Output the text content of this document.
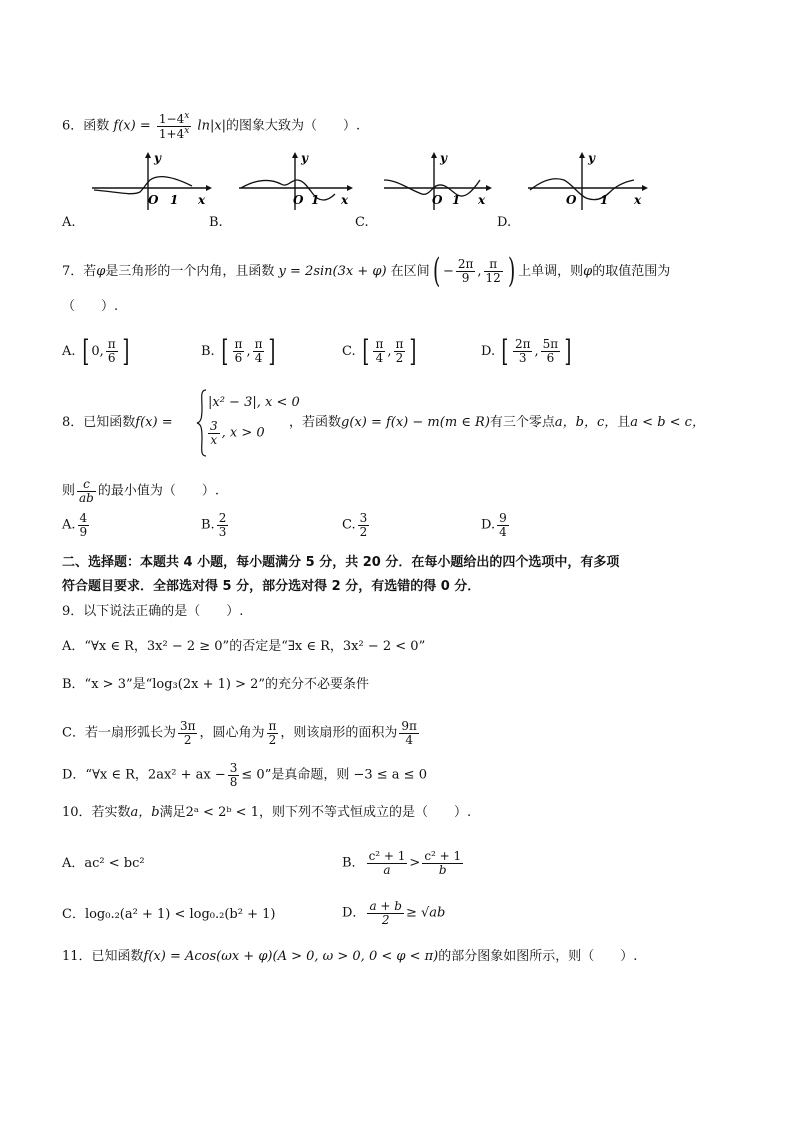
6．函数 $f(x) = \frac{1-4^x}{1+4^x} \ln|x|$的图象大致为（　　）.
y
x
O 1
A.
y
x
O 1
B.
y
x
O 1
C.
y
x
O 1
D.
7．若φ是三角形的一个内角，且函数 y = 2sin(3x + φ) 在区间( − $\frac{2\pi}{9}$ , $\frac{\pi}{12}$ ) 上单调，则φ的取值范围为
（　　）.
A. [ 0, $\frac{\pi}{6}$ ]	B. [ $\frac{\pi}{6}$ , $\frac{\pi}{4}$ ]	C. [ $\frac{\pi}{4}$ , $\frac{\pi}{2}$ ]	D. [ $\frac{2\pi}{3}$ , $\frac{5\pi}{6}$ ]
8．已知函数f(x) =
|x² − 3|, x < 0
$\frac{3}{x}$ , x > 0
，若函数g(x) = f(x) − m(m ∈ R)有三个零点a，b，c，且a < b < c，
则 $\frac{c}{ab}$ 的最小值为（　　）.
A. $\frac{4}{9}$	B. $\frac{2}{3}$	C. $\frac{3}{2}$	D. $\frac{9}{4}$
二、选择题：本题共 4 小题，每小题满分 5 分，共 20 分．在每小题给出的四个选项中，有多项
符合题目要求．全部选对得 5 分，部分选对得 2 分，有选错的得 0 分．
9．以下说法正确的是（　　）.
A．“∀x ∈ R，3x² − 2 ≥ 0”的否定是“∃x ∈ R，3x² − 2 < 0”
B．“x > 3”是“log₃(2x + 1) > 2”的充分不必要条件
C．若一扇形弧长为 $\frac{3\pi}{2}$ ，圆心角为 $\frac{\pi}{2}$ ，则该扇形的面积为 $\frac{9\pi}{4}$
D．“∀x ∈ R，2ax² + ax − $\frac{3}{8} \le 0$”是真命题，则 −3 ≤ a ≤ 0
10．若实数a，b满足2ᵃ < 2ᵇ < 1，则下列不等式恒成立的是（　　）.
A．ac² < bc²	B． $\frac{\text{c² + 1}}{a} > \frac{\text{c² + 1}}{b}$
C．log₀.₂(a² + 1) < log₀.₂(b² + 1)	D． $\frac{a + b}{2} \ge √ab$
11．已知函数f(x) = Acos(ωx + φ)(A > 0, ω > 0, 0 < φ < π)的部分图象如图所示，则（　　）.
